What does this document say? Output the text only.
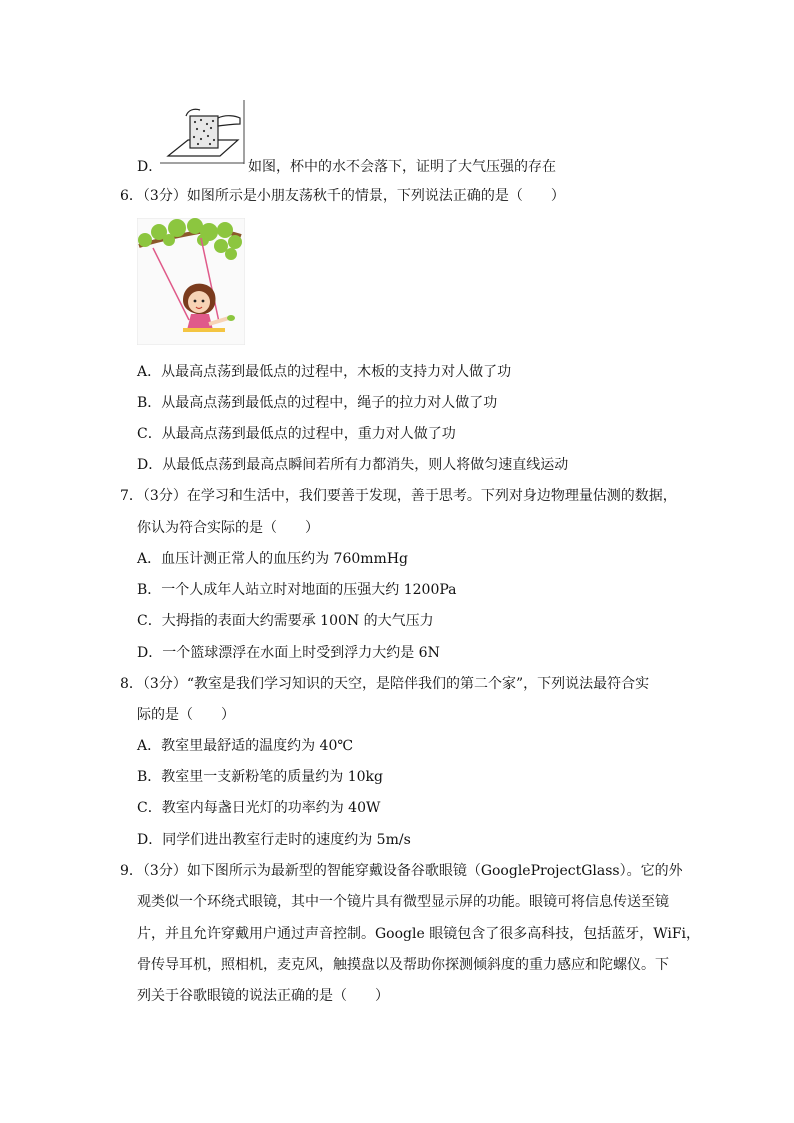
D．	如图，杯中的水不会落下，证明了大气压强的存在
6．（3分）如图所示是小朋友荡秋千的情景，下列说法正确的是（　　）
A．从最高点荡到最低点的过程中，木板的支持力对人做了功
B．从最高点荡到最低点的过程中，绳子的拉力对人做了功
C．从最高点荡到最低点的过程中，重力对人做了功
D．从最低点荡到最高点瞬间若所有力都消失，则人将做匀速直线运动
7．（3分）在学习和生活中，我们要善于发现，善于思考。下列对身边物理量估测的数据，
你认为符合实际的是（　　）
A．血压计测正常人的血压约为 760mmHg
B．一个人成年人站立时对地面的压强大约 1200Pa
C．大拇指的表面大约需要承 100N 的大气压力
D．一个篮球漂浮在水面上时受到浮力大约是 6N
8．（3分）“教室是我们学习知识的天空，是陪伴我们的第二个家”，下列说法最符合实
际的是（　　）
A．教室里最舒适的温度约为 40℃
B．教室里一支新粉笔的质量约为 10kg
C．教室内每盏日光灯的功率约为 40W
D．同学们进出教室行走时的速度约为 5m/s
9．（3分）如下图所示为最新型的智能穿戴设备谷歌眼镜（GoogleProjectGlass）。它的外
观类似一个环绕式眼镜，其中一个镜片具有微型显示屏的功能。眼镜可将信息传送至镜
片，并且允许穿戴用户通过声音控制。Google 眼镜包含了很多高科技，包括蓝牙，WiFi，
骨传导耳机，照相机，麦克风，触摸盘以及帮助你探测倾斜度的重力感应和陀螺仪。下
列关于谷歌眼镜的说法正确的是（　　）
